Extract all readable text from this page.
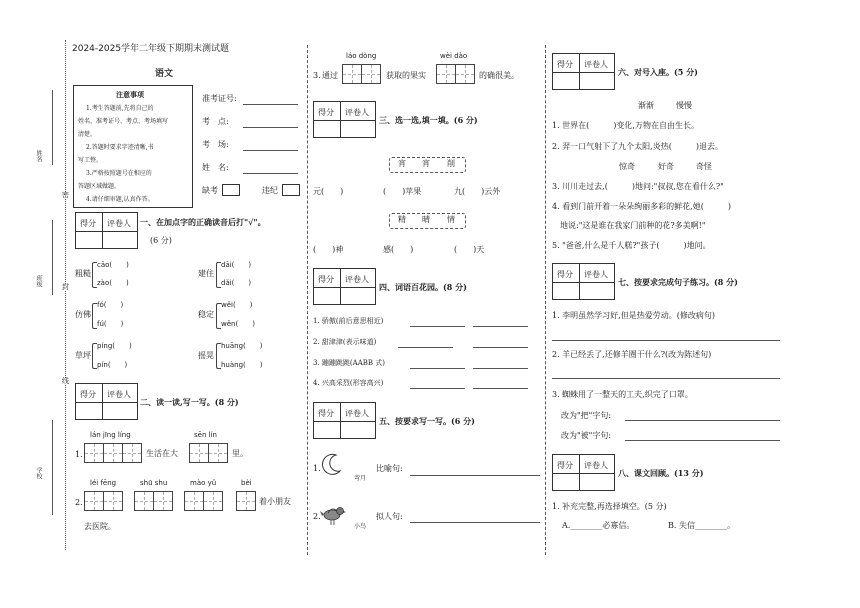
姓名
班级
学校
密
封
线
2024-2025学年二年级下期期末测试题
语文
注意事项
1.考生答题前,先将自己的
姓名、准考证号、考点、考场填写
清楚。
2.答题时要求字迹清晰,书
写工整。
3.严格按照题号在相应的
答题区域做题。
4.请仔细审题,认真作答。
准考证号:
考　点:
考　场:
姓　名:
缺考	违纪
得分 评卷人 一、在加点字的正确读音后打"√"。
(6 分)
粗糙
cāo(　　)
zào(　　)
建住
dāi(　　)
dǎi(　　)
仿佛
fó(　　)
fú(　　)
稳定
wěi(　　)
wěn(　　)
草坪
píng(　　)
pín(　　)
摇晃
huāng(　　)
huàng(　　)
得分 评卷人
二、读一读,写一写。(8 分)
lán jīng líng	sēn lín
1.	生活在大	里。
léi fēng	shū shu	mào yǔ	bèi
2.	着小朋友
去医院。
láo dòng	wèi dào
3. 通过	获取的果实	的确很美。
得分 评卷人
三、选一选,填一填。(6 分)
宵 宵 削
元(　　)	(　　)苹果	九(　　)云外
精 晴 情
(　　)神	感(　　)	(　　)天
得分 评卷人
四、词语百花园。(8 分)
1. 骄傲(前后意思相近)
2. 甜津津(表示味道)
3. 蹦蹦跳跳(AABB 式)
4. 兴高采烈(形容高兴)
得分 评卷人
五、按要求写一写。(6 分)
1.
弯月
比喻句:
2.
小鸟
拟人句:
得分 评卷人
六、对号入座。(5 分)
渐渐	慢慢
1. 世界在(　　　)变化,万物在自由生长。
2. 羿一口气射下了九个太阳,炎热(　　　)退去。
惊奇	好奇	奇怪
3. 川川走过去,(　　　)地问:"叔叔,您在看什么?"
4. 看到门前开着一朵朵绚丽多彩的鲜花,她(　　　)
地说:"这是谁在我家门前种的花?多美啊!"
5. "爸爸,什么是千人糕?"孩子(　　　)地问。
得分 评卷人
七、按要求完成句子练习。(8 分)
1. 李明虽然学习好,但是热爱劳动。(修改病句)
2. 羊已经丢了,还修羊圈干什么?(改为陈述句)
3. 蜘蛛用了一整天的工夫,织完了口罩。
改为"把"字句:
改为"被"字句:
得分 评卷人
八、课文回顾。(13 分)
1. 补充完整,再选择填空。(5 分)
A.________必寡信。	B. 失信________。
